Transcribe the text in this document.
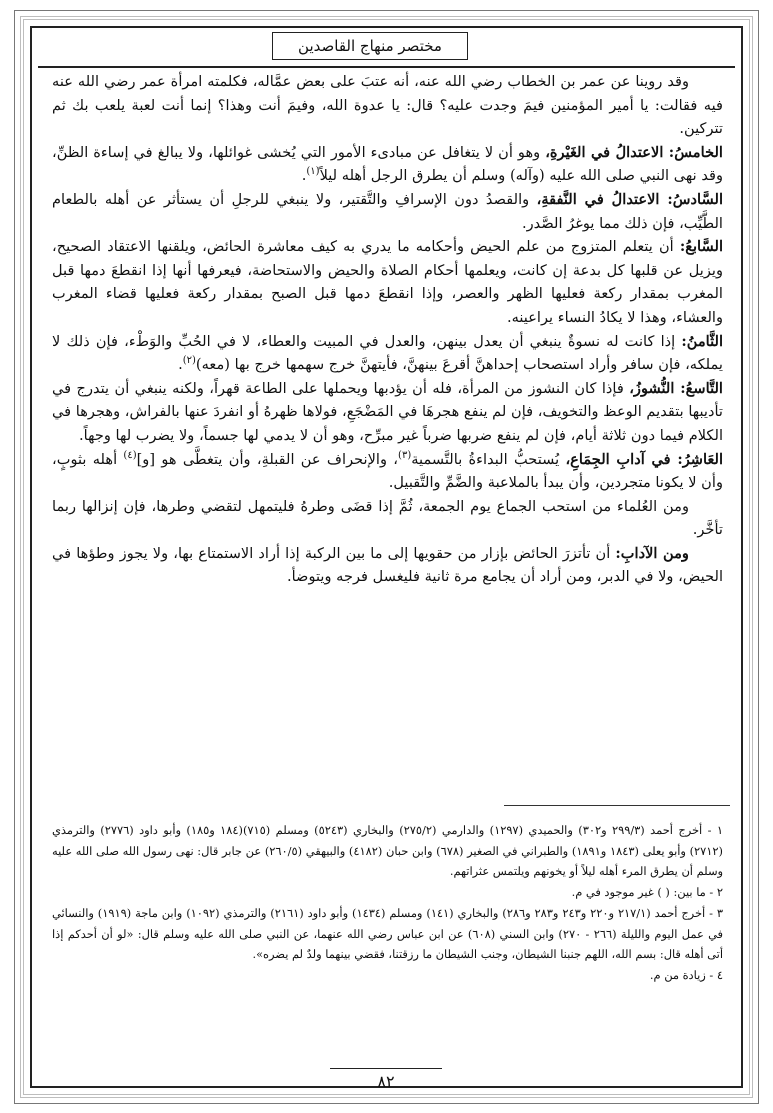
مختصر منهاج القاصدين

وقد روينا عن عمر بن الخطاب رضي الله عنه، أنه عتبَ على بعض عمَّاله، فكلمته امرأة عمر رضي الله عنه فيه فقالت: يا أمير المؤمنين فيمَ وجدت عليه؟ قال: يا عدوة الله، وفيمَ أنت وهذا؟ إنما أنت لعبة يلعب بك ثم تتركين.

الخامسُ: الاعتدالُ في الغَيْرةِ، وهو أن لا يتغافل عن مبادىء الأمور التي يُخشى غوائلها، ولا يبالغ في إساءة الظنِّ، وقد نهى النبي صلى الله عليه (وآله) وسلم أن يطرق الرجل أهله ليلاً$^{(١)}$.

السَّادسُ: الاعتدالُ في النَّفقةِ، والقصدُ دون الإسرافِ والتَّقتير، ولا ينبغي للرجلِ أن يستأثر عن أهله بالطعام الطَّيِّب، فإن ذلك مما يوغرُ الصَّدر.

السَّابعُ: أن يتعلم المتزوج من علم الحيض وأحكامه ما يدري به كيف معاشرة الحائض، ويلقنها الاعتقاد الصحيح، ويزيل عن قلبها كل بدعة إن كانت، ويعلمها أحكام الصلاة والحيض والاستحاضة، فيعرفها أنها إذا انقطعَ دمها قبل المغرب بمقدار ركعة فعليها الظهر والعصر، وإذا انقطعَ دمها قبل الصبح بمقدار ركعة فعليها قضاء المغرب والعشاء، وهذا لا يكادُ النساء يراعينه.

الثَّامنُ: إذا كانت له نسوةٌ ينبغي أن يعدل بينهن، والعدل في المبيت والعطاء، لا في الحُبِّ والوَطْء، فإن ذلك لا يملكه، فإن سافر وأراد استصحاب إحداهنَّ أقرعَ بينهنَّ، فأيتهنَّ خرج سهمها خرج بها (معه)$^{(٢)}$.

التَّاسعُ: النُّشوزُ، فإذا كان النشوز من المرأة، فله أن يؤدبها ويحملها على الطاعة قهراً، ولكنه ينبغي أن يتدرج في تأديبها بتقديم الوعظ والتخويف، فإن لم ينفع هجرهَا في المَضْجَعِ، فولاها ظهرهُ أو انفردَ عنها بالفراش، وهجرها في الكلام فيما دون ثلاثة أيام، فإن لم ينفع ضربها ضرباً غير مبرِّح، وهو أن لا يدمي لها جسماً، ولا يضرب لها وجهاً.

العَاشِرُ: في آدابِ الجِمَاعِ، يُستحبُّ البداءةُ بالتَّسمية$^{(٣)}$، والإنحراف عن القبلةِ، وأن يتغطَّى هو [و]$^{(٤)}$ أهله بثوبٍ، وأن لا يكونا متجردين، وأن يبدأ بالملاعبة والضَّمِّ والتَّقبيل.

ومن العُلماء من استحب الجماع يوم الجمعة، ثُمَّ إذا قضَى وطرهُ فليتمهل لتقضي وطرها، فإن إنزالها ربما تأخَّر.

ومن الآدابِ: أن تأتزرَ الحائض بإزار من حقويها إلى ما بين الركبة إذا أراد الاستمتاع بها، ولا يجوز وطؤها في الحيض، ولا في الدبر، ومن أراد أن يجامع مرة ثانية فليغسل فرجه ويتوضأ.

١ - أخرج أحمد (٢٩٩/٣ و٣٠٢) والحميدي (١٢٩٧) والدارمي (٢٧٥/٢) والبخاري (٥٢٤٣) ومسلم (٧١٥)(١٨٤ و١٨٥) وأبو داود (٢٧٧٦) والترمذي (٢٧١٢) وأبو يعلى (١٨٤٣ و١٨٩١) والطبراني في الصغير (٦٧٨) وابن حبان (٤١٨٢) والبيهقي (٢٦٠/٥) عن جابر قال: نهى رسول الله صلى الله عليه وسلم أن يطرق المرء أهله ليلاً أو يخونهم ويلتمس عثراتهم.

٢ - ما بين: ( ) غير موجود في م.

٣ - أخرج أحمد (٢١٧/١ و٢٢٠ و٢٤٣ و٢٨٣ و٢٨٦) والبخاري (١٤١) ومسلم (١٤٣٤) وأبو داود (٢١٦١) والترمذي (١٠٩٢) وابن ماجة (١٩١٩) والنسائي في عمل اليوم والليلة (٢٦٦ - ٢٧٠) وابن السني (٦٠٨) عن ابن عباس رضي الله عنهما، عن النبي صلى الله عليه وسلم قال: «لو أن أحدكم إذا أتى أهله قال: بسم الله، اللهم جنبنا الشيطان، وجنب الشيطان ما رزقتنا، فقضي بينهما ولدٌ لم يضره».

٤ - زيادة من م.

٨٢
